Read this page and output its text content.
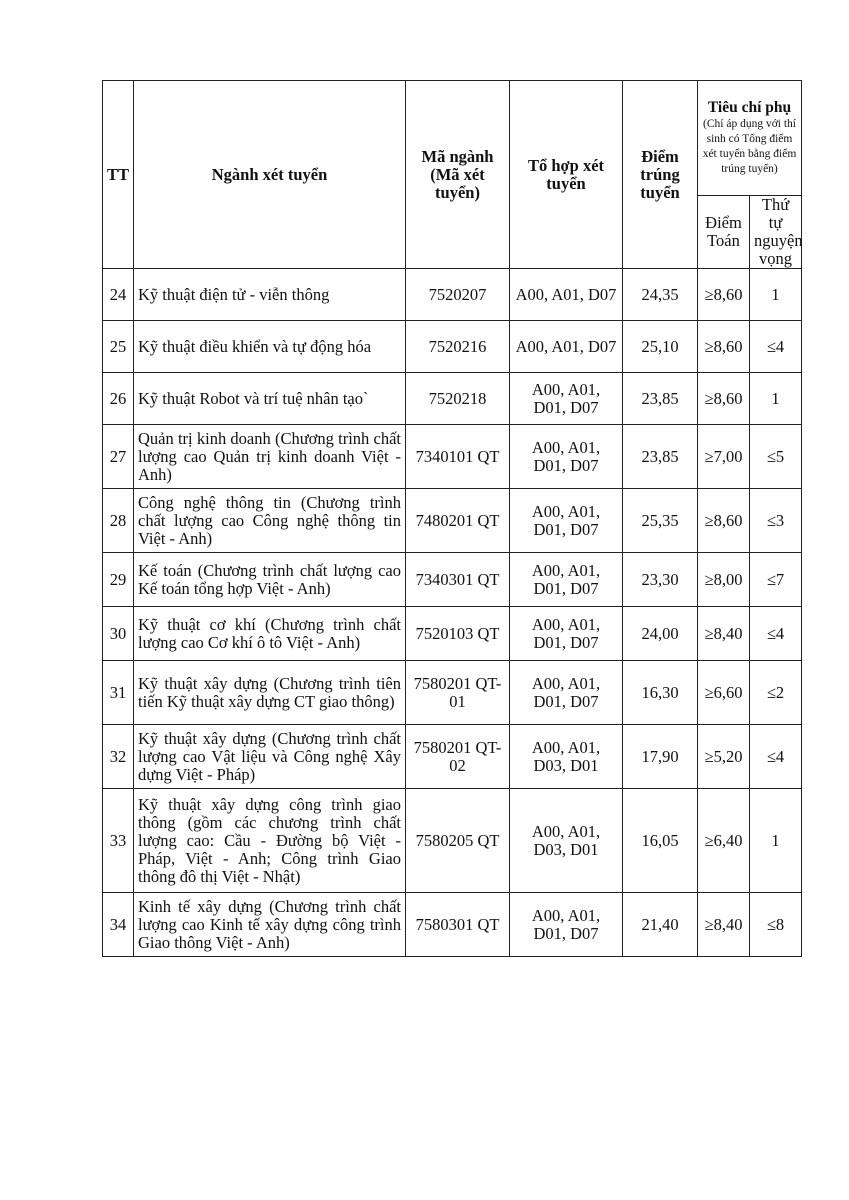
TT	Ngành xét tuyển	Mã ngành (Mã xét tuyển)	Tổ hợp xét tuyển	Điểm trúng tuyển	Tiêu chí phụ
(Chỉ áp dụng với thí sinh có Tổng điểm xét tuyển bằng điểm trúng tuyển)	

					Điểm Toán	Thứ tự nguyện vọng
24	Kỹ thuật điện tử - viễn thông	7520207	A00, A01, D07	24,35	≥8,60	1
25	Kỹ thuật điều khiển và tự động hóa	7520216	A00, A01, D07	25,10	≥8,60	≤4
26	Kỹ thuật Robot và trí tuệ nhân tạo`	7520218	A00, A01, D01, D07	23,85	≥8,60	1
27	Quản trị kinh doanh (Chương trình chất lượng cao Quản trị kinh doanh Việt - Anh)	7340101 QT	A00, A01, D01, D07	23,85	≥7,00	≤5
28	Công nghệ thông tin (Chương trình chất lượng cao Công nghệ thông tin Việt - Anh)	7480201 QT	A00, A01, D01, D07	25,35	≥8,60	≤3
29	Kế toán (Chương trình chất lượng cao Kế toán tổng hợp Việt - Anh)	7340301 QT	A00, A01, D01, D07	23,30	≥8,00	≤7
30	Kỹ thuật cơ khí (Chương trình chất lượng cao Cơ khí ô tô Việt - Anh)	7520103 QT	A00, A01, D01, D07	24,00	≥8,40	≤4
31	Kỹ thuật xây dựng (Chương trình tiên tiến Kỹ thuật xây dựng CT giao thông)	7580201 QT-01	A00, A01, D01, D07	16,30	≥6,60	≤2
32	Kỹ thuật xây dựng (Chương trình chất lượng cao Vật liệu và Công nghệ Xây dựng Việt - Pháp)	7580201 QT-02	A00, A01, D03, D01	17,90	≥5,20	≤4
33	Kỹ thuật xây dựng công trình giao thông (gồm các chương trình chất lượng cao: Cầu - Đường bộ Việt - Pháp, Việt - Anh; Công trình Giao thông đô thị Việt - Nhật)	7580205 QT	A00, A01, D03, D01	16,05	≥6,40	1
34	Kinh tế xây dựng (Chương trình chất lượng cao Kinh tế xây dựng công trình Giao thông Việt - Anh)	7580301 QT	A00, A01, D01, D07	21,40	≥8,40	≤8
